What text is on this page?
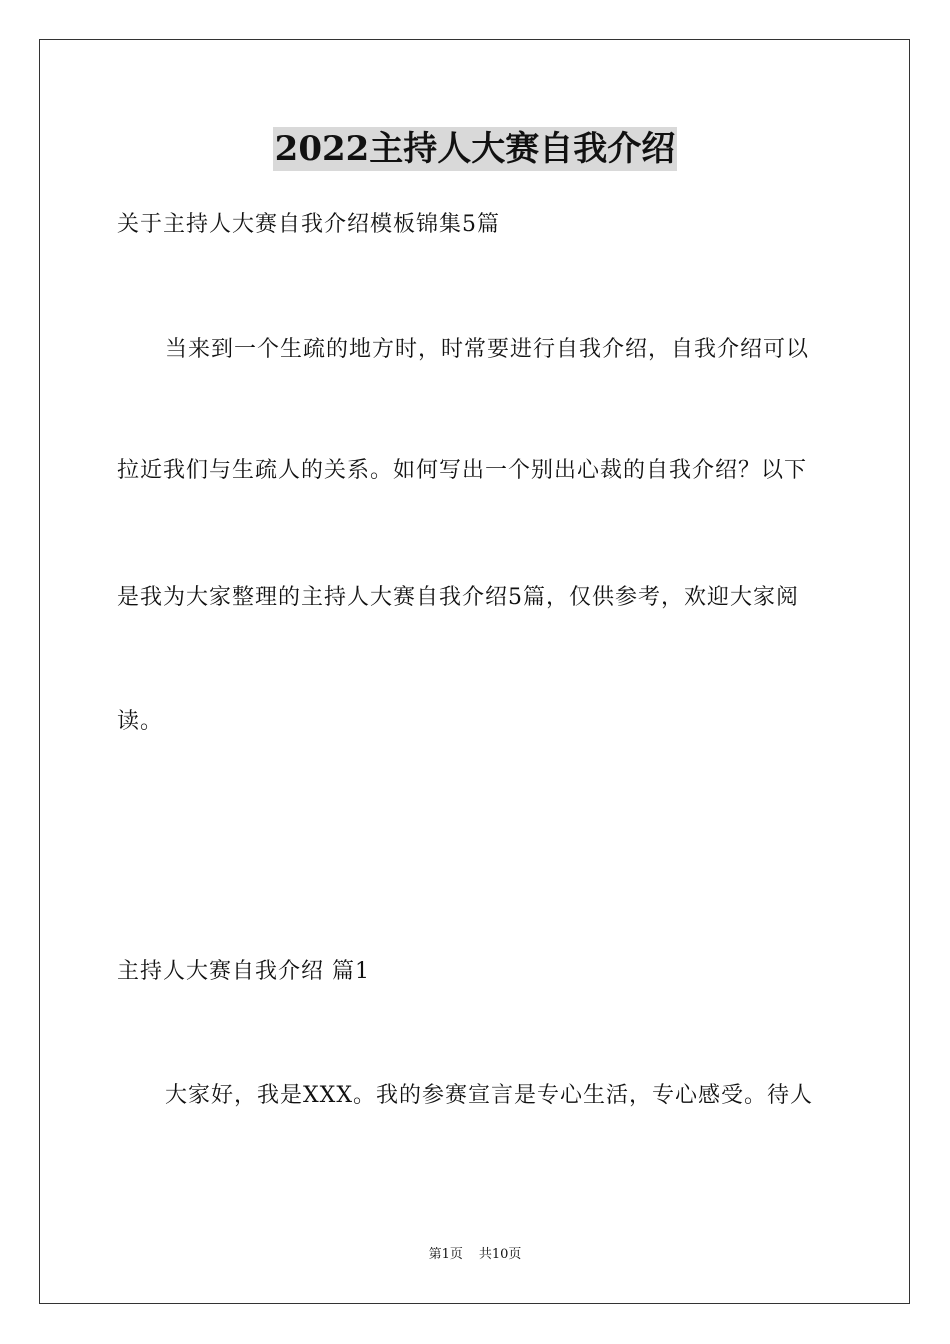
2022主持人大赛自我介绍
关于主持人大赛自我介绍模板锦集5篇
当来到一个生疏的地方时，时常要进行自我介绍，自我介绍可以
拉近我们与生疏人的关系。如何写出一个别出心裁的自我介绍？以下
是我为大家整理的主持人大赛自我介绍5篇，仅供参考，欢迎大家阅
读。
主持人大赛自我介绍 篇1
大家好，我是XXX。我的参赛宣言是专心生活，专心感受。待人
第1页 共10页
